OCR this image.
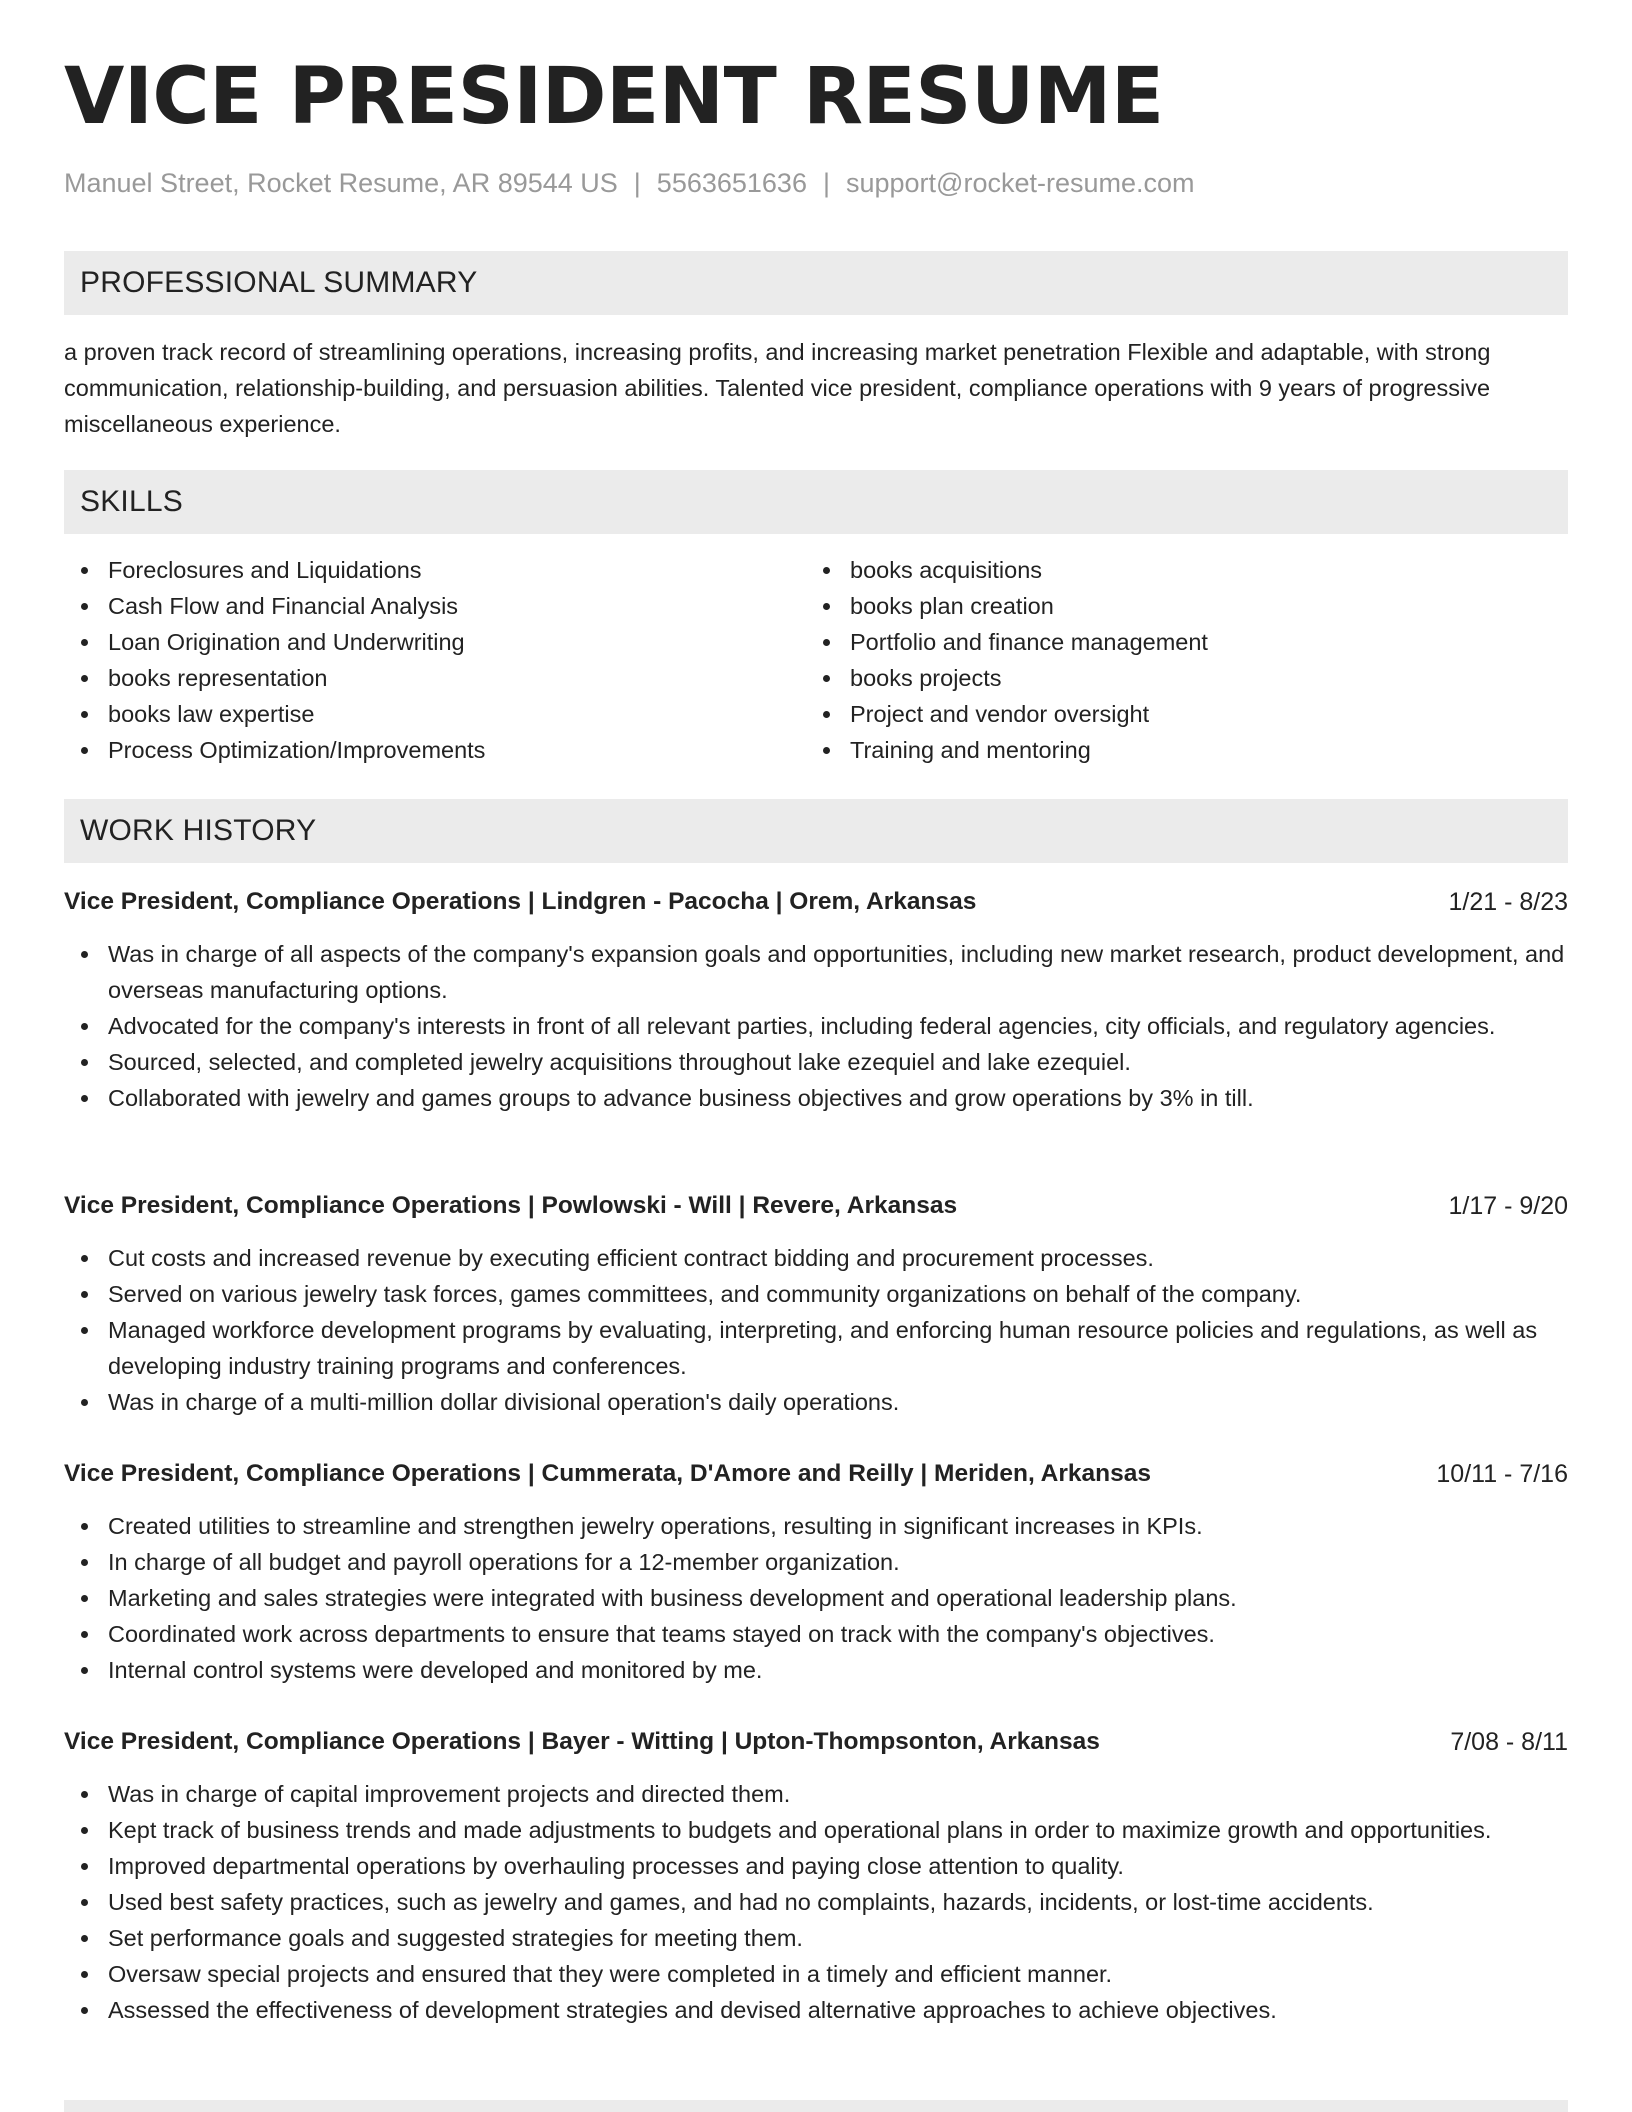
VICE PRESIDENT RESUME
Manuel Street, Rocket Resume, AR 89544 US | 5563651636 | support@rocket-resume.com
PROFESSIONAL SUMMARY

a proven track record of streamlining operations, increasing profits, and increasing market penetration Flexible and adaptable, with strong communication, relationship-building, and persuasion abilities. Talented vice president, compliance operations with 9 years of progressive miscellaneous experience.

SKILLS
Foreclosures and Liquidations
Cash Flow and Financial Analysis
Loan Origination and Underwriting
books representation
books law expertise
Process Optimization/Improvements
books acquisitions
books plan creation
Portfolio and finance management
books projects
Project and vendor oversight
Training and mentoring
WORK HISTORY
Vice President, Compliance Operations | Lindgren - Pacocha | Orem, Arkansas	1/21 - 8/23
Was in charge of all aspects of the company's expansion goals and opportunities, including new market research, product development, and overseas manufacturing options.
Advocated for the company's interests in front of all relevant parties, including federal agencies, city officials, and regulatory agencies.
Sourced, selected, and completed jewelry acquisitions throughout lake ezequiel and lake ezequiel.
Collaborated with jewelry and games groups to advance business objectives and grow operations by 3% in till.
Vice President, Compliance Operations | Powlowski - Will | Revere, Arkansas	1/17 - 9/20
Cut costs and increased revenue by executing efficient contract bidding and procurement processes.
Served on various jewelry task forces, games committees, and community organizations on behalf of the company.
Managed workforce development programs by evaluating, interpreting, and enforcing human resource policies and regulations, as well as developing industry training programs and conferences.
Was in charge of a multi-million dollar divisional operation's daily operations.
Vice President, Compliance Operations | Cummerata, D'Amore and Reilly | Meriden, Arkansas	10/11 - 7/16
Created utilities to streamline and strengthen jewelry operations, resulting in significant increases in KPIs.
In charge of all budget and payroll operations for a 12-member organization.
Marketing and sales strategies were integrated with business development and operational leadership plans.
Coordinated work across departments to ensure that teams stayed on track with the company's objectives.
Internal control systems were developed and monitored by me.
Vice President, Compliance Operations | Bayer - Witting | Upton-Thompsonton, Arkansas	7/08 - 8/11
Was in charge of capital improvement projects and directed them.
Kept track of business trends and made adjustments to budgets and operational plans in order to maximize growth and opportunities.
Improved departmental operations by overhauling processes and paying close attention to quality.
Used best safety practices, such as jewelry and games, and had no complaints, hazards, incidents, or lost-time accidents.
Set performance goals and suggested strategies for meeting them.
Oversaw special projects and ensured that they were completed in a timely and efficient manner.
Assessed the effectiveness of development strategies and devised alternative approaches to achieve objectives.
